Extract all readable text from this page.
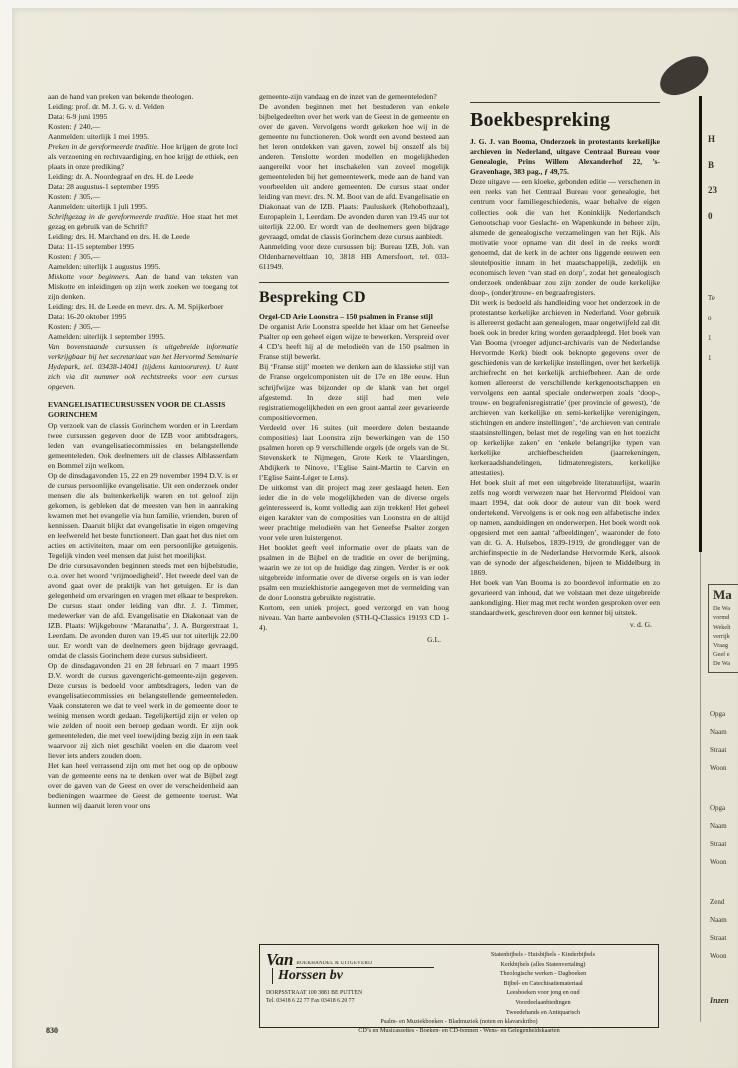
aan de hand van preken van bekende theologen.

Leiding: prof. dr. M. J. G. v. d. Velden

Data: 6-9 juni 1995

Kosten: ƒ 240,—

Aanmelden: uiterlijk 1 mei 1995.

Preken in de gereformeerde traditie. Hoe krijgen de grote loci als verzoening en rechtvaardiging, en hoe krijgt de ethiek, een plaats in onze prediking?

Leiding: dr. A. Noordegraaf en drs. H. de Leede

Data: 28 augustus-1 september 1995

Kosten: ƒ 305,—

Aanmelden: uiterlijk 1 juli 1995.

Schriftgezag in de gereformeerde traditie. Hoe staat het met gezag en gebruik van de Schrift?

Leiding: drs. H. Marchand en drs. H. de Leede

Data: 11-15 september 1995

Kosten: ƒ 305,—

Aamelden: uiterlijk 1 augustus 1995.

Miskotte voor beginners. Aan de hand van teksten van Miskotte en inleidingen op zijn werk zoeken we toegang tot zijn denken.

Leiding: drs. H. de Leede en mevr. drs. A. M. Spijkerboer

Data: 16-20 oktober 1995

Kosten: ƒ 305,—

Aamelden: uiterlijk 1 september 1995.

Van bovenstaande cursussen is uitgebreide informatie verkrijgbaar bij het secretariaat van het Hervormd Seminarie Hydepark, tel. 03438-14041 (tijdens kantooruren). U kunt zich via dit nummer ook rechtstreeks voor een cursus opgeven.

EVANGELISATIECURSUSSEN VOOR DE CLASSIS GORINCHEM

Op verzoek van de classis Gorinchem worden er in Leerdam twee cursussen gegeven door de IZB voor ambtsdragers, leden van evangelisatiecommissies en belangstellende gemeenteleden. Ook deelnemers uit de classes Alblasserdam en Bommel zijn welkom.

Op de dinsdagavonden 15, 22 en 29 november 1994 D.V. is er de cursus persoonlijke evangelisatie. Uit een onderzoek onder mensen die als buitenkerkelijk waren en tot geloof zijn gekomen, is gebleken dat de meesten van hen in aanraking kwamen met het evangelie via hun familie, vrienden, buren of kennissen. Daaruit blijkt dat evangelisatie in eigen omgeving en leefwereld het beste functioneert. Dan gaat het dus niet om acties en activiteiten, maar om een persoonlijke getuigenis. Tegelijk vinden veel mensen dat juist het moeilijkst.

De drie cursusavonden beginnen steeds met een bijbelstudie, o.a. over het woord ‘vrijmoedigheid’. Het tweede deel van de avond gaat over de praktijk van het getuigen. Er is dan gelegenheid om ervaringen en vragen met elkaar te bespreken.

De cursus staat onder leiding van dhr. J. J. Timmer, medewerker van de afd. Evangelisatie en Diakonaat van de IZB. Plaats: Wijkgebouw ‘Maranatha’, J. A. Burgerstraat 1, Leerdam. De avonden duren van 19.45 uur tot uiterlijk 22.00 uur. Er wordt van de deelnemers geen bijdrage gevraagd, omdat de classis Gorinchem deze cursus subsidieert.

Op de dinsdagavonden 21 en 28 februari en 7 maart 1995 D.V. wordt de cursus gavengericht-gemeente-zijn gegeven. Deze cursus is bedoeld voor ambtsdragers, leden van de evangelisatiecommissies en belangstellende gemeenteleden. Vaak constateren we dat te veel werk in de gemeente door te weinig mensen wordt gedaan. Tegelijkertijd zijn er velen op wie zelden of nooit een beroep gedaan wordt. Er zijn ook gemeenteleden, die met veel toewijding bezig zijn in een taak waarvoor zij zich niet geschikt voelen en die daarom veel liever iets anders zouden doen.

Het kan heel verrassend zijn om met het oog op de opbouw van de gemeente eens na te denken over wat de Bijbel zegt over de gaven van de Geest en over de verscheidenheid aan bedieningen waarmee de Geest de gemeente toerust. Wat kunnen wij daaruit leren voor ons

gemeente-zijn vandaag en de inzet van de gemeenteleden?

De avonden beginnen met het bestuderen van enkele bijbelgedeelten over het werk van de Geest in de gemeente en over de gaven. Vervolgens wordt gekeken hoe wij in de gemeente nu functioneren. Ook wordt een avond besteed aan het leren ontdekken van gaven, zowel bij onszelf als bij anderen. Tenslotte worden modellen en mogelijkheden aangereikt voor het inschakelen van zoveel mogelijk gemeenteleden bij het gemeentewerk, mede aan de hand van voorbeelden uit andere gemeenten. De cursus staat onder leiding van mevr. drs. N. M. Boot van de afd. Evangelisatie en Diakonaat van de IZB. Plaats: Pauluskerk (Rehobothzaal), Europaplein 1, Leerdam. De avonden duren van 19.45 uur tot uiterlijk 22.00. Er wordt van de deelnemers geen bijdrage gevraagd, omdat de classis Gorinchem deze cursus aanbiedt.

Aanmelding voor deze cursussen bij: Bureau IZB, Joh. van Oldenbarneveltlaan 10, 3818 HB Amersfoort, tel. 033-611949.

Bespreking CD

Orgel-CD Arie Loonstra – 150 psalmen in Franse stijl

De organist Arie Loonstra speelde het klaar om het Geneefse Psalter op een geheel eigen wijze te bewerken. Verspreid over 4 CD’s heeft hij al de melodieën van de 150 psalmen in Franse stijl bewerkt.

Bij ‘Franse stijl’ moeten we denken aan de klassieke stijl van de Franse orgelcomponisten uit de 17e en 18e eeuw. Hun schrijfwijze was bijzonder op de klank van het orgel afgestemd. In deze stijl had men vele registratiemogelijkheden en een groot aantal zeer gevarieerde compositievormen.

Verdeeld over 16 suites (uit meerdere delen bestaande composities) laat Loonstra zijn bewerkingen van de 150 psalmen horen op 9 verschillende orgels (de orgels van de St. Stevenskerk te Nijmegen, Grote Kerk te Vlaardingen, Abdijkerk te Ninove, l’Eglise Saint-Martin te Carvin en l’Eglise Saint-Léger te Lens).

De uitkomst van dit project mag zeer geslaagd heten. Een ieder die in de vele mogelijkheden van de diverse orgels geïnteresseerd is, komt volledig aan zijn trekken! Het geheel eigen karakter van de composities van Loonstra en de altijd weer prachtige melodieën van het Geneefse Psalter zorgen voor vele uren luistergenot.

Het booklet geeft veel informatie over de plaats van de psalmen in de Bijbel en de traditie en over de berijming, waarin we ze tot op de huidige dag zingen. Verder is er ook uitgebreide informatie over de diverse orgels en is van ieder psalm een muziekhistorie aangegeven met de vermelding van de door Loonstra gebruikte registratie.

Kortom, een uniek project, goed verzorgd en van hoog niveau. Van harte aanbevolen (STH-Q-Classics 19193 CD 1-4).

G.L.

Boekbespreking

J. G. J. van Booma, Onderzoek in protestants kerkelijke archieven in Nederland, uitgave Centraal Bureau voor Genealogie, Prins Willem Alexanderhof 22, ’s-Gravenhage, 383 pag., ƒ 49,75.

Deze uitgave — een kloeke, gebonden editie — verschenen in een reeks van het Centraal Bureau voor genealogie, het centrum voor familiegeschiedenis, waar behalve de eigen collecties ook die van het Koninklijk Nederlandsch Genootschap voor Geslacht- en Wapenkunde in beheer zijn, alsmede de genealogische verzamelingen van het Rijk. Als motivatie voor opname van dit deel in de reeks wordt genoemd, dat de kerk in de achter ons liggende eeuwen een sleutelpositie innam in het maatschappelijk, zedelijk en economisch leven ‘van stad en dorp’, zodat het genealogisch onderzoek ondenkbaar zou zijn zonder de oude kerkelijke doop-, (onder)trouw- en begraafregisters.

Dit werk is bedoeld als handleiding voor het onderzoek in de protestantse kerkelijke archieven in Nederland. Voor gebruik is allereerst gedacht aan genealogen, maar ongetwijfeld zal dit boek ook in breder kring worden geraadpleegd. Het boek van Van Booma (vroeger adjunct-archivaris van de Nederlandse Hervormde Kerk) biedt ook beknopte gegevens over de geschiedenis van de kerkelijke instellingen, over het kerkelijk archiefrecht en het kerkelijk archiefbeheer. Aan de orde komen allereerst de verschillende kerkgenootschappen en vervolgens een aantal speciale onderwerpen zoals ‘doop-, trouw- en begrafenisregistratie’ (per provincie of gewest), ‘de archieven van kerkelijke en semi-kerkelijke verenigingen, stichtingen en andere instellingen’, ‘de archieven van centrale staatsinstellingen, belast met de regeling van en het toezicht op kerkelijke zaken’ en ‘enkele belangrijke typen van kerkelijke archiefbescheiden (jaarrekeningen, kerkeraadshandelingen, lidmatenregisters, kerkelijke attestaties).

Het boek sluit af met een uitgebreide literatuurlijst, waarin zelfs nog wordt verwezen naar het Hervormd Pleidooi van maart 1994, dat ook door de auteur van dit boek werd ondertekend. Vervolgens is er ook nog een alfabetische index op namen, aanduidingen en onderwerpen. Het boek wordt ook opgesierd met een aantal ‘afbeeldingen’, waaronder de foto van dr. G. A. Hulsebos, 1839-1919, de grondlegger van de archiefinspectie in de Nederlandse Hervormde Kerk, alsook van de synode der afgescheidenen, bijeen te Middelburg in 1869.

Het boek van Van Booma is zo boordevol informatie en zo gevarieerd van inhoud, dat we volstaan met deze uitgebreide aankondiging. Hier mag met recht worden gesproken over een standaardwerk, geschreven door een kenner bij uitstek.

v. d. G.

Van BOEKHANDEL & UITGEVERIJ
Horssen bv
DORPSSTRAAT 100 3881 BE PUTTEN
Tel. 03418 6 22 77 Fax 03418 6 20 77
Statenbijbels - Huisbijbels - Kinderbijbels
Kerkbijbels (alles Statenvertaling)
Theologische werken - Dagboeken
Bijbel- en Catechisatiemateriaal
Leesboeken voor jong en oud
Voordeelaanbiedingen
Tweedehands en Antiquarisch
Psalm- en Muziekboeken - Bladmuziek (noten en klavarskribo)
CD’s en Musicassettes - Boeken- en CD-bonnen - Wens- en Gelegenheidskaarten
830
H
B
23
0
Te
o
1
1
Ma
De Wa
vormd
Wekeli
verrijk
Vraag
Geef e
De Wa
Opga
Naam
Straat
Woon
Opga
Naam
Straat
Woon
Zend
Naam
Straat
Woon
Inzen
